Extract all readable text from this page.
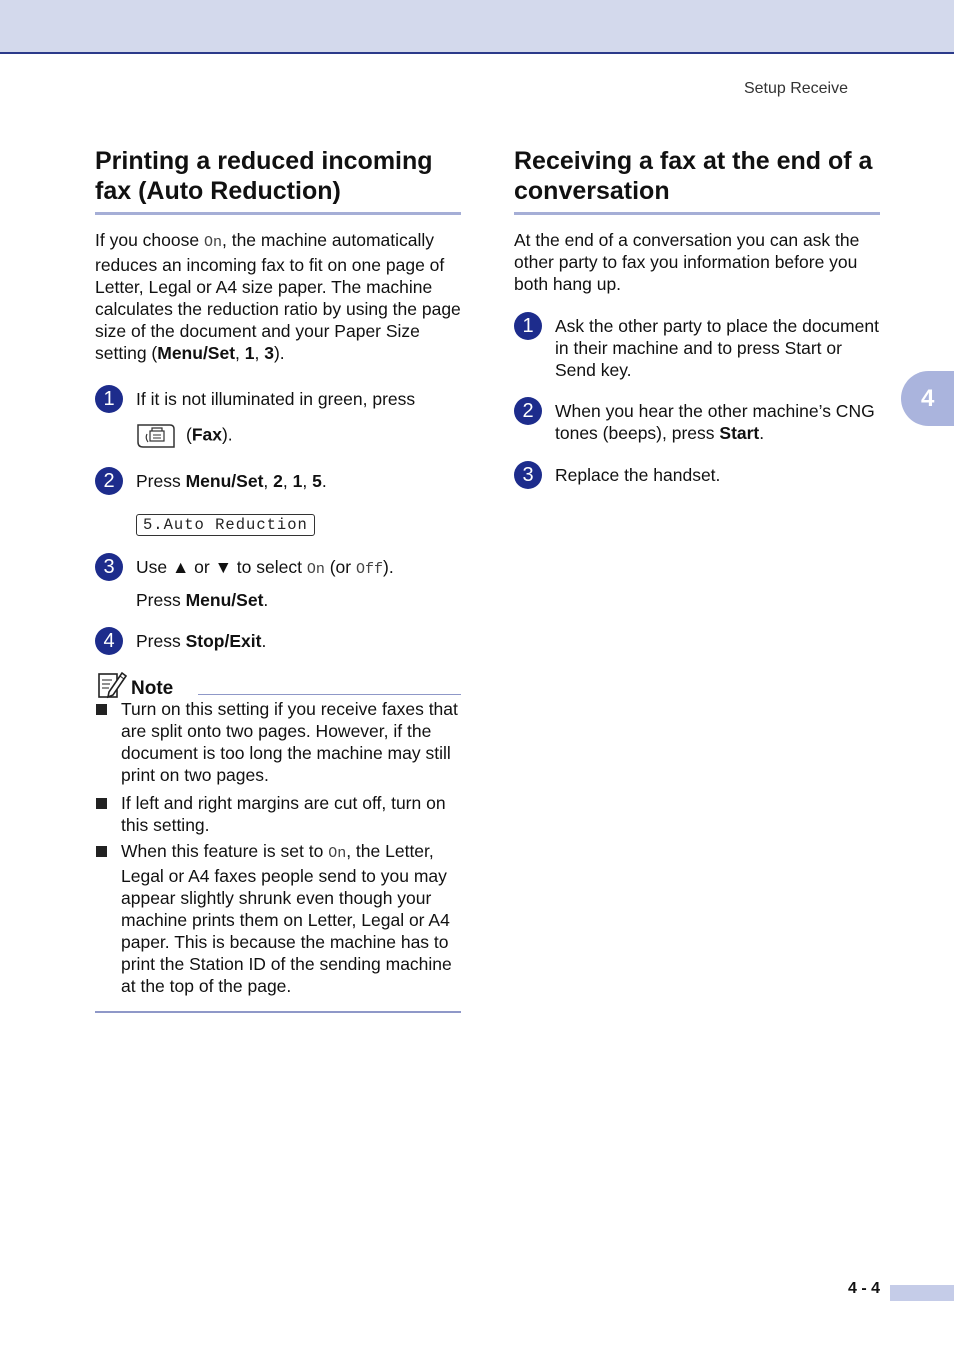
Setup Receive
Printing a reduced incoming fax (Auto Reduction)

If you choose On, the machine automatically reduces an incoming fax to fit on one page of Letter, Legal or A4 size paper. The machine calculates the reduction ratio by using the page size of the document and your Paper Size setting (Menu/Set, 1, 3).

1	If it is not illuminated in green, press
(Fax).
2	Press Menu/Set, 2, 1, 5.
5.Auto Reduction
3	Use ▲ or ▼ to select On (or Off).
Press Menu/Set.
4	Press Stop/Exit.
Note
Turn on this setting if you receive faxes that are split onto two pages. However, if the document is too long the machine may still print on two pages.
If left and right margins are cut off, turn on this setting.
When this feature is set to On, the Letter, Legal or A4 faxes people send to you may appear slightly shrunk even though your machine prints them on Letter, Legal or A4 paper. This is because the machine has to print the Station ID of the sending machine at the top of the page.
Receiving a fax at the end of a conversation

At the end of a conversation you can ask the other party to fax you information before you both hang up.

1	Ask the other party to place the document in their machine and to press Start or Send key.
2	When you hear the other machine’s CNG tones (beeps), press Start.
3	Replace the handset.
4
4 - 4
